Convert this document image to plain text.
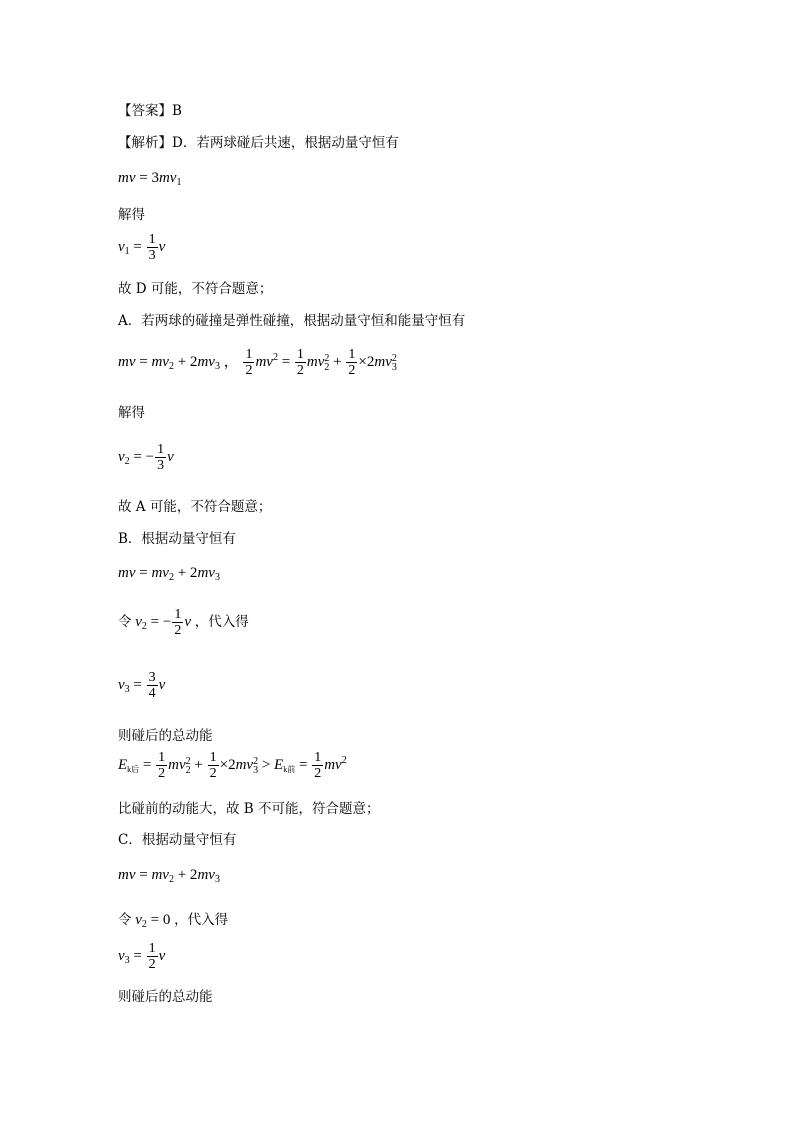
【答案】B
【解析】D．若两球碰后共速，根据动量守恒有
mv = $3mv_1$
解得
$v_1 = \frac{1}{3}$ v
故 D 可能，不符合题意；
A．若两球的碰撞是弹性碰撞，根据动量守恒和能量守恒有
mv = $mv_2 + 2mv_3$ ， $\frac{1}{2} mv^2 = \frac{1}{2}$ mv 2
$2 + \frac{1}{2} \times 2mv$ 2
3
解得
$v_2$ = − $\frac{1}{3}$ v
故 A 可能，不符合题意；
B．根据动量守恒有
mv = $mv_2 + 2mv_3$
令 $v_2$ = − $\frac{1}{2}$ v ，代入得
$v_3 = \frac{3}{4}$ v
则碰后的总动能
$E_{k后} = \frac{1}{2}$ mv 2
$2 + \frac{1}{2} \times 2mv$ 2
$3 > E_{k前} = \frac{1}{2} mv^2$
比碰前的动能大，故 B 不可能，符合题意；
C．根据动量守恒有
mv = $mv_2 + 2mv_3$
令 $v_2 = 0$ ，代入得
$v_3 = \frac{1}{2}$ v
则碰后的总动能
